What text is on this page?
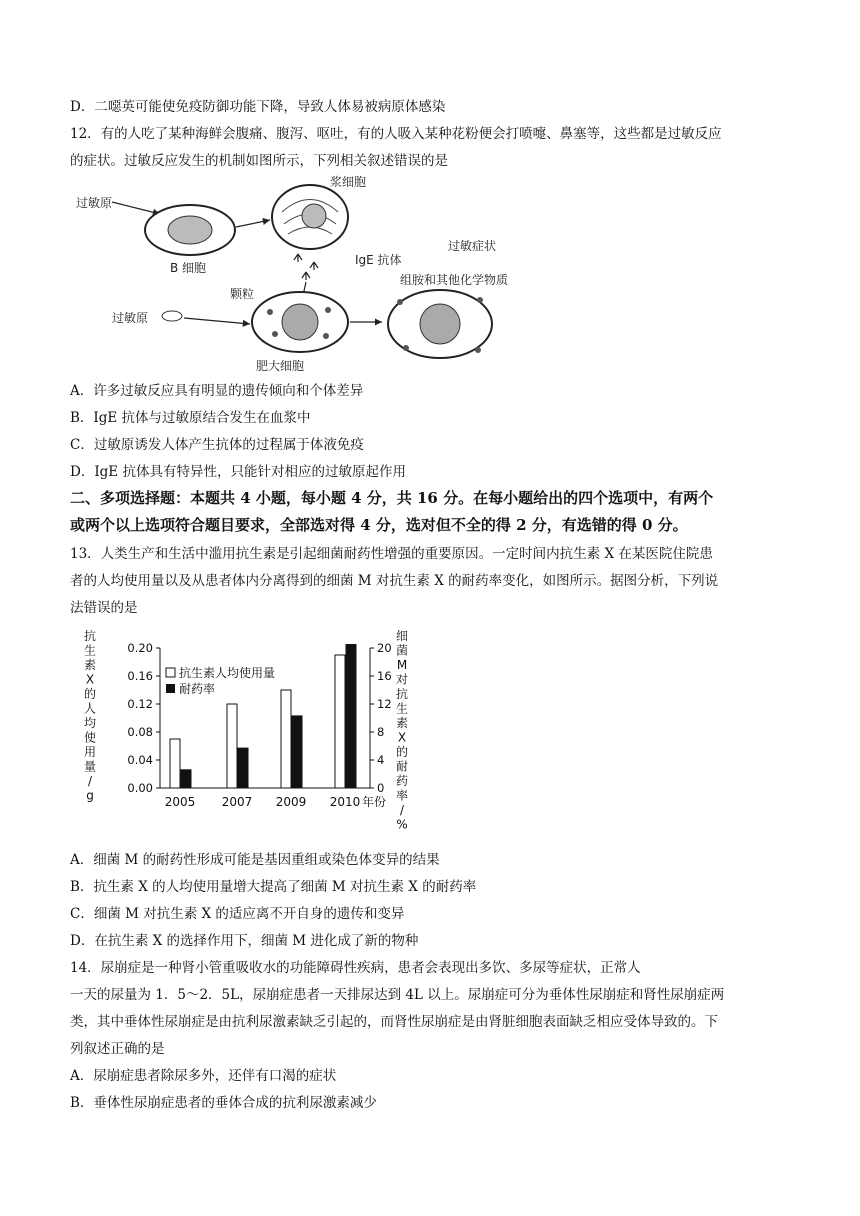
D．二噁英可能使免疫防御功能下降，导致人体易被病原体感染
12．有的人吃了某种海鲜会腹痛、腹泻、呕吐，有的人吸入某种花粉便会打喷嚏、鼻塞等，这些都是过敏反应
的症状。过敏反应发生的机制如图所示，下列相关叙述错误的是
过敏原
B 细胞
浆细胞
IgE 抗体
颗粒
过敏原
肥大细胞
组胺和其他化学物质
过敏症状
A．许多过敏反应具有明显的遗传倾向和个体差异
B．IgE 抗体与过敏原结合发生在血浆中
C．过敏原诱发人体产生抗体的过程属于体液免疫
D．IgE 抗体具有特异性，只能针对相应的过敏原起作用
二、多项选择题：本题共 4 小题，每小题 4 分，共 16 分。在每小题给出的四个选项中，有两个
或两个以上选项符合题目要求，全部选对得 4 分，选对但不全的得 2 分，有选错的得 0 分。
13．人类生产和生活中滥用抗生素是引起细菌耐药性增强的重要原因。一定时间内抗生素 X 在某医院住院患
者的人均使用量以及从患者体内分离得到的细菌 M 对抗生素 X 的耐药率变化，如图所示。据图分析，下列说
法错误的是
抗生素 X 的人均使用量/ g
细菌 M 对抗生素 X 的耐药率/ %
0.00
0.04
0.08
0.12
0.16
0.20
0
4
8
12
16
20
2005 2007 2009 2010 年份
抗生素人均使用量
耐药率
A．细菌 M 的耐药性形成可能是基因重组或染色体变异的结果
B．抗生素 X 的人均使用量增大提高了细菌 M 对抗生素 X 的耐药率
C．细菌 M 对抗生素 X 的适应离不开自身的遗传和变异
D．在抗生素 X 的选择作用下，细菌 M 进化成了新的物种
14．尿崩症是一种肾小管重吸收水的功能障碍性疾病，患者会表现出多饮、多尿等症状，正常人
一天的尿量为 1．5～2．5L，尿崩症患者一天排尿达到 4L 以上。尿崩症可分为垂体性尿崩症和肾性尿崩症两
类，其中垂体性尿崩症是由抗利尿激素缺乏引起的，而肾性尿崩症是由肾脏细胞表面缺乏相应受体导致的。下
列叙述正确的是
A．尿崩症患者除尿多外，还伴有口渴的症状
B．垂体性尿崩症患者的垂体合成的抗利尿激素减少
